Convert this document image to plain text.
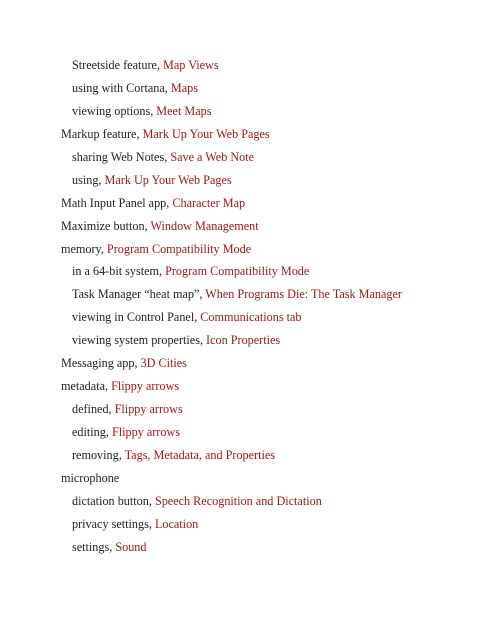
Streetside feature, Map Views
using with Cortana, Maps
viewing options, Meet Maps
Markup feature, Mark Up Your Web Pages
sharing Web Notes, Save a Web Note
using, Mark Up Your Web Pages
Math Input Panel app, Character Map
Maximize button, Window Management
memory, Program Compatibility Mode
in a 64-bit system, Program Compatibility Mode
Task Manager “heat map”, When Programs Die: The Task Manager
viewing in Control Panel, Communications tab
viewing system properties, Icon Properties
Messaging app, 3D Cities
metadata, Flippy arrows
defined, Flippy arrows
editing, Flippy arrows
removing, Tags, Metadata, and Properties
microphone
dictation button, Speech Recognition and Dictation
privacy settings, Location
settings, Sound
